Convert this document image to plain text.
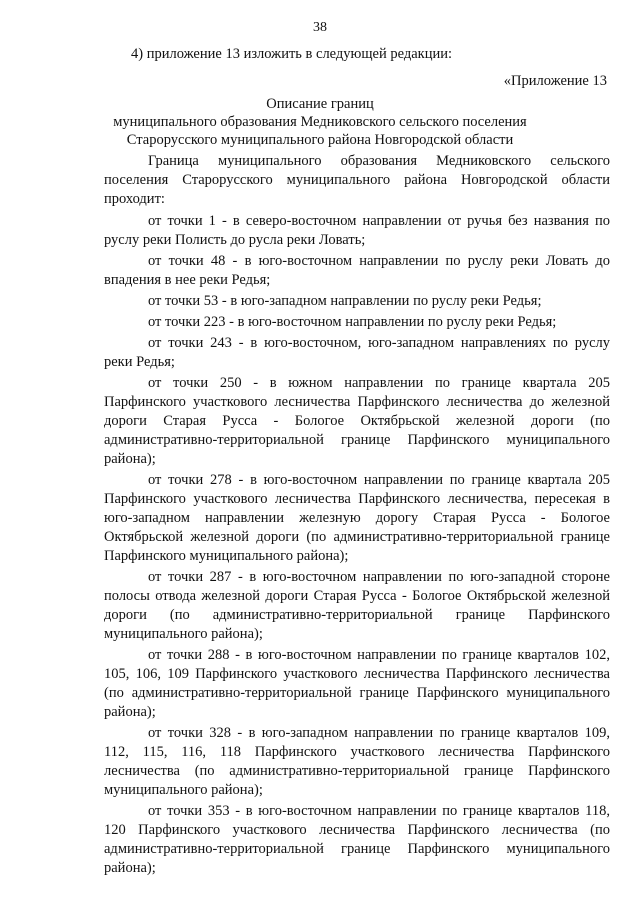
38
4) приложение 13 изложить в следующей редакции:
«Приложение 13
Описание границ
муниципального образования Медниковского сельского поселения
Старорусского муниципального района Новгородской области

Граница муниципального образования Медниковского сельского поселения Старорусского муниципального района Новгородской области проходит:

от точки 1 - в северо-восточном направлении от ручья без названия по руслу реки Полисть до русла реки Ловать;

от точки 48 - в юго-восточном направлении по руслу реки Ловать до впадения в нее реки Редья;

от точки 53 - в юго-западном направлении по руслу реки Редья;

от точки 223 - в юго-восточном направлении по руслу реки Редья;

от точки 243 - в юго-восточном, юго-западном направлениях по руслу реки Редья;

от точки 250 - в южном направлении по границе квартала 205 Парфинского участкового лесничества Парфинского лесничества до железной дороги Старая Русса - Бологое Октябрьской железной дороги (по административно-территориальной границе Парфинского муниципального района);

от точки 278 - в юго-восточном направлении по границе квартала 205 Парфинского участкового лесничества Парфинского лесничества, пересекая в юго-западном направлении железную дорогу Старая Русса - Бологое Октябрьской железной дороги (по административно-территориальной границе Парфинского муниципального района);

от точки 287 - в юго-восточном направлении по юго-западной стороне полосы отвода железной дороги Старая Русса - Бологое Октябрьской железной дороги (по административно-территориальной границе Парфинского муниципального района);

от точки 288 - в юго-восточном направлении по границе кварталов 102, 105, 106, 109 Парфинского участкового лесничества Парфинского лесничества (по административно-территориальной границе Парфинского муниципального района);

от точки 328 - в юго-западном направлении по границе кварталов 109, 112, 115, 116, 118 Парфинского участкового лесничества Парфинского лесничества (по административно-территориальной границе Парфинского муниципального района);

от точки 353 - в юго-восточном направлении по границе кварталов 118, 120 Парфинского участкового лесничества Парфинского лесничества (по административно-территориальной границе Парфинского муниципального района);
